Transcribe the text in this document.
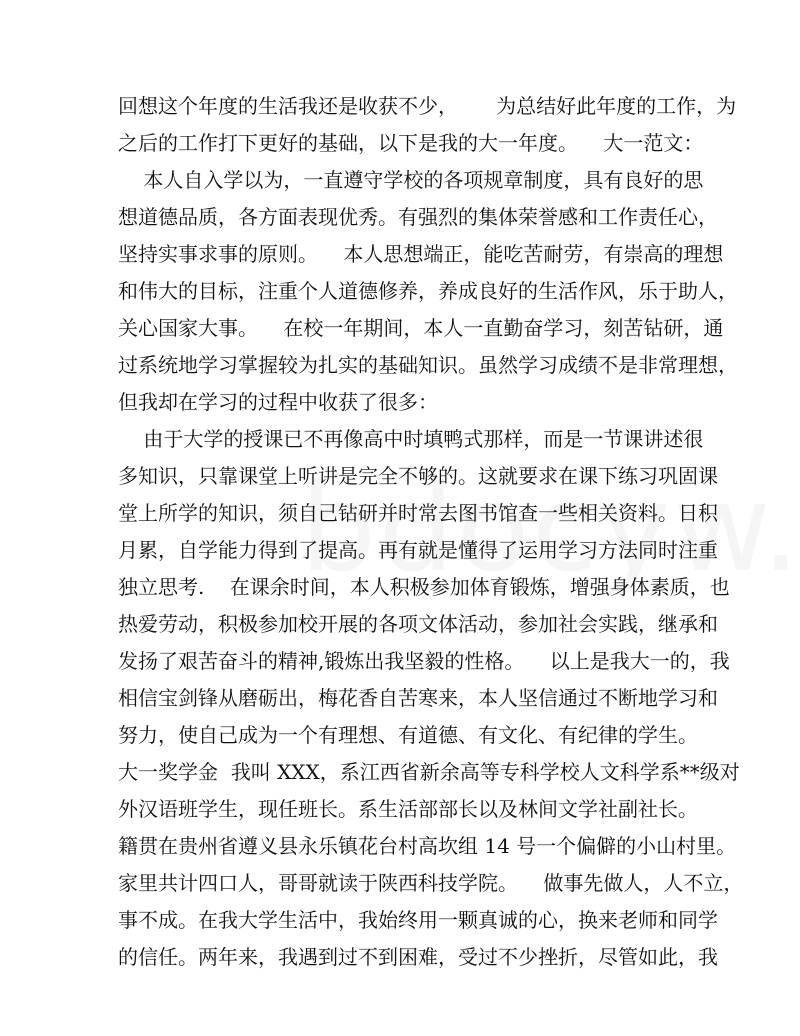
回想这个年度的生活我还是收获不少，      为总结好此年度的工作，为
之后的工作打下更好的基础，以下是我的大一年度。    大一范文：
本人自入学以为，一直遵守学校的各项规章制度，具有良好的思
想道德品质，各方面表现优秀。有强烈的集体荣誉感和工作责任心，
坚持实事求事的原则。    本人思想端正，能吃苦耐劳，有崇高的理想
和伟大的目标，注重个人道德修养，养成良好的生活作风，乐于助人，
关心国家大事。    在校一年期间，本人一直勤奋学习，刻苦钻研，通
过系统地学习掌握较为扎实的基础知识。虽然学习成绩不是非常理想，
但我却在学习的过程中收获了很多：
由于大学的授课已不再像高中时填鸭式那样，而是一节课讲述很
多知识，只靠课堂上听讲是完全不够的。这就要求在课下练习巩固课
堂上所学的知识，须自己钻研并时常去图书馆查一些相关资料。日积
月累，自学能力得到了提高。再有就是懂得了运用学习方法同时注重
独立思考.    在课余时间，本人积极参加体育锻炼，增强身体素质，也
热爱劳动，积极参加校开展的各项文体活动，参加社会实践，继承和
发扬了艰苦奋斗的精神,锻炼出我坚毅的性格。    以上是我大一的，我
相信宝剑锋从磨砺出，梅花香自苦寒来，本人坚信通过不断地学习和
努力，使自己成为一个有理想、有道德、有文化、有纪律的学生。
大一奖学金  我叫 XXX，系江西省新余高等专科学校人文科学系**级对
外汉语班学生，现任班长。系生活部部长以及林间文学社副社长。
籍贯在贵州省遵义县永乐镇花台村高坎组 14 号一个偏僻的小山村里。
家里共计四口人，哥哥就读于陕西科技学院。    做事先做人，人不立，
事不成。在我大学生活中，我始终用一颗真诚的心，换来老师和同学
的信任。两年来，我遇到过不到困难，受过不少挫折，尽管如此，我
